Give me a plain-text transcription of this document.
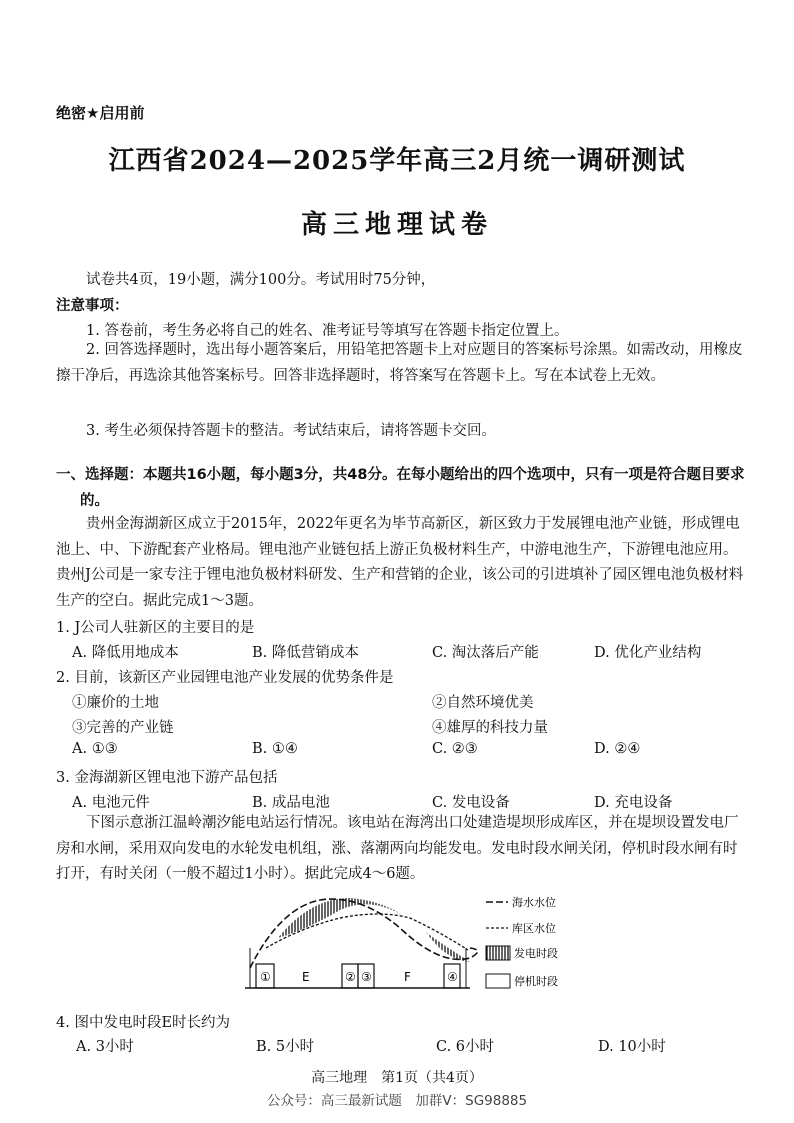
绝密★启用前
江西省2024—2025学年高三2月统一调研测试
高三地理试卷
试卷共4页，19小题，满分100分。考试用时75分钟，
注意事项：
1. 答卷前，考生务必将自己的姓名、准考证号等填写在答题卡指定位置上。
2. 回答选择题时，选出每小题答案后，用铅笔把答题卡上对应题目的答案标号涂黑。如需改动，用橡皮擦干净后，再选涂其他答案标号。回答非选择题时，将答案写在答题卡上。写在本试卷上无效。
3. 考生必须保持答题卡的整洁。考试结束后，请将答题卡交回。
一、选择题：本题共16小题，每小题3分，共48分。在每小题给出的四个选项中，只有一项是符合题目要求的。
贵州金海湖新区成立于2015年，2022年更名为毕节高新区，新区致力于发展锂电池产业链，形成锂电池上、中、下游配套产业格局。锂电池产业链包括上游正负极材料生产，中游电池生产，下游锂电池应用。贵州J公司是一家专注于锂电池负极材料研发、生产和营销的企业，该公司的引进填补了园区锂电池负极材料生产的空白。据此完成1～3题。
1. J公司人驻新区的主要目的是
A. 降低用地成本	B. 降低营销成本	C. 淘汰落后产能	D. 优化产业结构
2. 目前，该新区产业园锂电池产业发展的优势条件是
①廉价的土地	②自然环境优美
③完善的产业链	④雄厚的科技力量
A. ①③	B. ①④	C. ②③	D. ②④
3. 金海湖新区锂电池下游产品包括
A. 电池元件	B. 成品电池	C. 发电设备	D. 充电设备
下图示意浙江温岭潮汐能电站运行情况。该电站在海湾出口处建造堤坝形成库区，并在堤坝设置发电厂房和水闸，采用双向发电的水轮发电机组，涨、落潮两向均能发电。发电时段水闸关闭，停机时段水闸有时打开，有时关闭（一般不超过1小时）。据此完成4～6题。
①	E	② ③	F	④
海水水位
库区水位
发电时段
停机时段
4. 图中发电时段E时长约为
A. 3小时	B. 5小时	C. 6小时	D. 10小时
高三地理　第1页（共4页）
公众号：高三最新试题　加群V：SG98885
